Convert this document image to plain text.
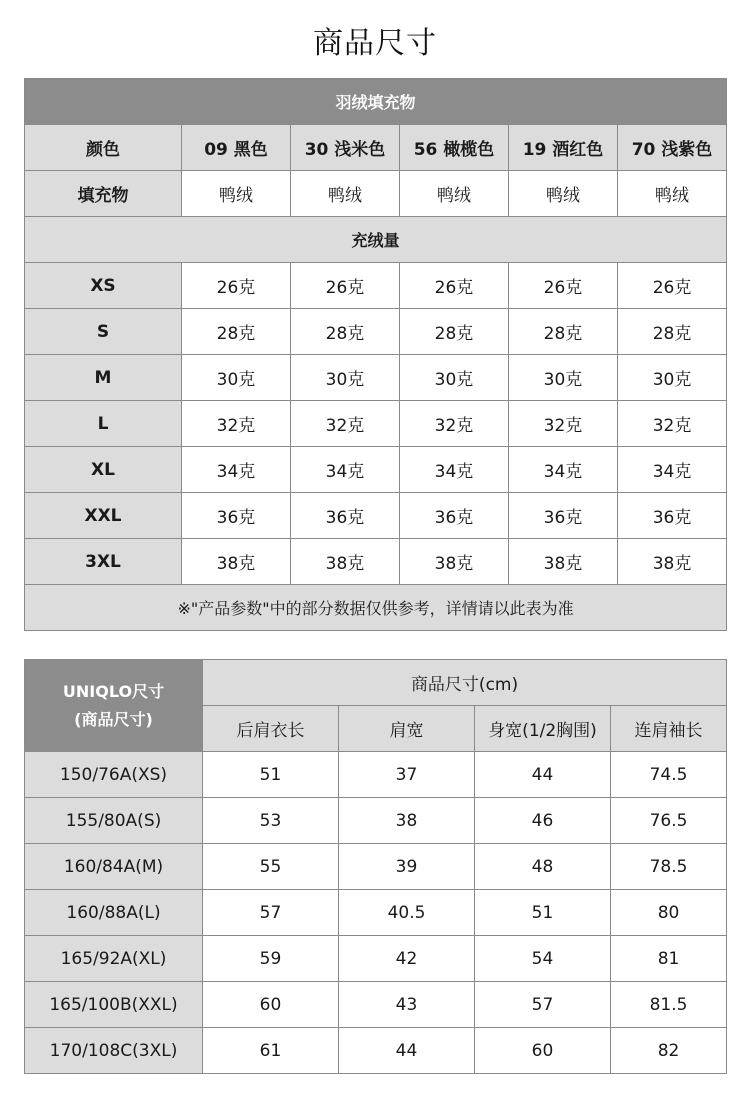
商品尺寸
羽绒填充物					
颜色	09 黑色	30 浅米色	56 橄榄色	19 酒红色	70 浅紫色
填充物	鸭绒	鸭绒	鸭绒	鸭绒	鸭绒
充绒量					
XS	26克	26克	26克	26克	26克
S	28克	28克	28克	28克	28克
M	30克	30克	30克	30克	30克
L	32克	32克	32克	32克	32克
XL	34克	34克	34克	34克	34克
XXL	36克	36克	36克	36克	36克
3XL	38克	38克	38克	38克	38克
※"产品参数"中的部分数据仅供参考，详情请以此表为准					
UNIQLO尺寸
(商品尺寸)	商品尺寸(cm)			
	后肩衣长	肩宽	身宽(1/2胸围)	连肩袖长
150/76A(XS)	51	37	44	74.5
155/80A(S)	53	38	46	76.5
160/84A(M)	55	39	48	78.5
160/88A(L)	57	40.5	51	80
165/92A(XL)	59	42	54	81
165/100B(XXL)	60	43	57	81.5
170/108C(3XL)	61	44	60	82
